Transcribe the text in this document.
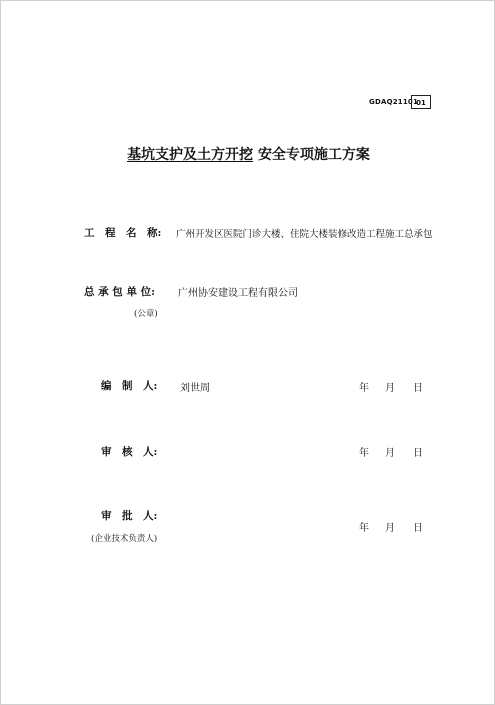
GDAQ21101
01
基坑支护及土方开挖 安全专项施工方案
工　程　名　称: 广州开发区医院门诊大楼、住院大楼装修改造工程施工总承包
总 承 包 单 位: 广州协安建设工程有限公司
(公章)
编　制　人: 刘世周	年 月 日
审　核　人:	年 月 日
审　批　人:
(企业技术负责人)
年 月 日
